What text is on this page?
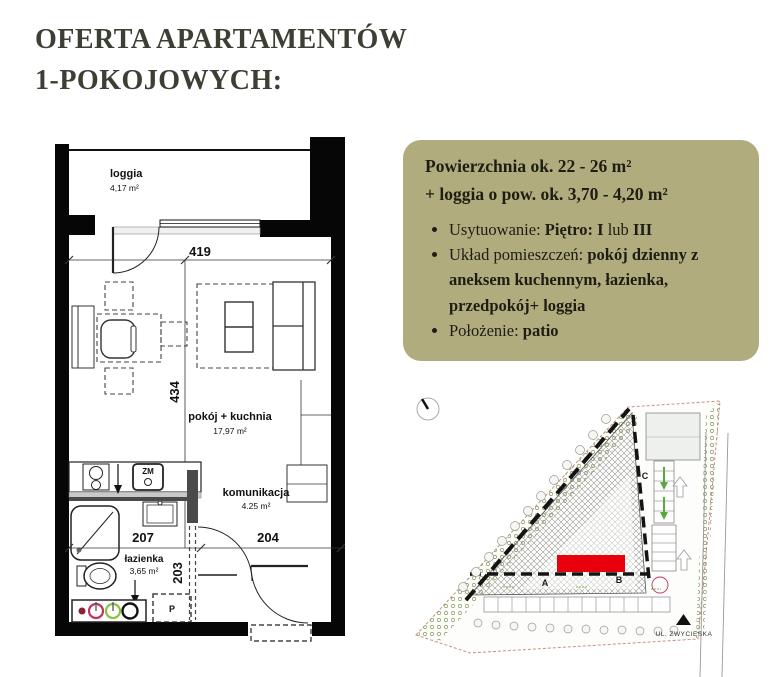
OFERTA APARTAMENTÓW
1-POKOJOWYCH:
Powierzchnia ok. 22 - 26 m²
+ loggia o pow. ok. 3,70 - 4,20 m²
• Usytuowanie: Piętro: I lub III
• Układ pomieszczeń: pokój dzienny z aneksem kuchennym, łazienka, przedpokój+ loggia
• Położenie: patio
loggia
4,17 m²
419
434
pokój + kuchnia
17,97 m²
ZM
łazienka
3,65 m²
P
komunikacja
4.25 m²
207	204
203	A	B
C
UL. ZWYCIĘSKA
